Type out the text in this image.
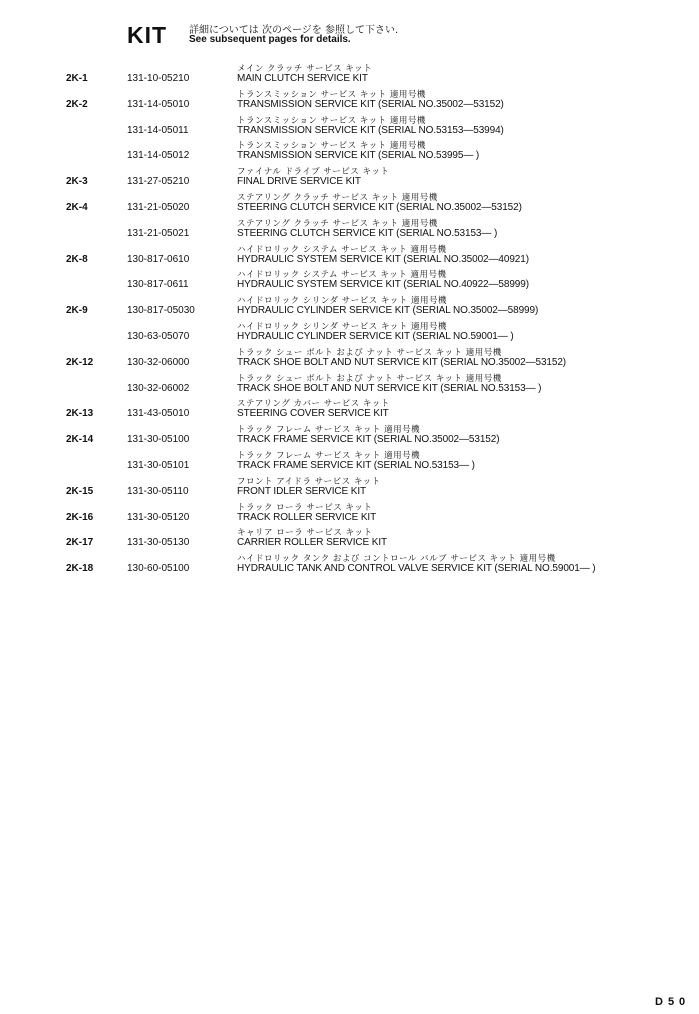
KIT 詳細については 次のページを 参照して下さい.
See subsequent pages for details.
メイン クラッチ サービス キット
2K-1	131-10-05210	MAIN CLUTCH SERVICE KIT
トランスミッション サービス キット 適用号機
2K-2	131-14-05010	TRANSMISSION SERVICE KIT (SERIAL NO.35002—53152)
トランスミッション サービス キット 適用号機
131-14-05011	TRANSMISSION SERVICE KIT (SERIAL NO.53153—53994)
トランスミッション サービス キット 適用号機
131-14-05012	TRANSMISSION SERVICE KIT (SERIAL NO.53995— )
ファイナル ドライブ サービス キット
2K-3	131-27-05210	FINAL DRIVE SERVICE KIT
ステアリング クラッチ サービス キット 適用号機
2K-4	131-21-05020	STEERING CLUTCH SERVICE KIT (SERIAL NO.35002—53152)
ステアリング クラッチ サービス キット 適用号機
131-21-05021	STEERING CLUTCH SERVICE KIT (SERIAL NO.53153— )
ハイドロリック システム サービス キット 適用号機
2K-8	130-817-0610	HYDRAULIC SYSTEM SERVICE KIT (SERIAL NO.35002—40921)
ハイドロリック システム サービス キット 適用号機
130-817-0611	HYDRAULIC SYSTEM SERVICE KIT (SERIAL NO.40922—58999)
ハイドロリック シリンダ サービス キット 適用号機
2K-9	130-817-05030	HYDRAULIC CYLINDER SERVICE KIT (SERIAL NO.35002—58999)
ハイドロリック シリンダ サービス キット 適用号機
130-63-05070	HYDRAULIC CYLINDER SERVICE KIT (SERIAL NO.59001— )
トラック シュー ボルト および ナット サービス キット 適用号機
2K-12	130-32-06000	TRACK SHOE BOLT AND NUT SERVICE KIT (SERIAL NO.35002—53152)
トラック シュー ボルト および ナット サービス キット 適用号機
130-32-06002	TRACK SHOE BOLT AND NUT SERVICE KIT (SERIAL NO.53153— )
ステアリング カバー サービス キット
2K-13	131-43-05010	STEERING COVER SERVICE KIT
トラック フレーム サービス キット 適用号機
2K-14	131-30-05100	TRACK FRAME SERVICE KIT (SERIAL NO.35002—53152)
トラック フレーム サービス キット 適用号機
131-30-05101	TRACK FRAME SERVICE KIT (SERIAL NO.53153— )
フロント アイドラ サービス キット
2K-15	131-30-05110	FRONT IDLER SERVICE KIT
トラック ローラ サービス キット
2K-16	131-30-05120	TRACK ROLLER SERVICE KIT
キャリア ローラ サービス キット
2K-17	131-30-05130	CARRIER ROLLER SERVICE KIT
ハイドロリック タンク および コントロール バルブ サービス キット 適用号機
2K-18	130-60-05100	HYDRAULIC TANK AND CONTROL VALVE SERVICE KIT (SERIAL NO.59001— )
D50
